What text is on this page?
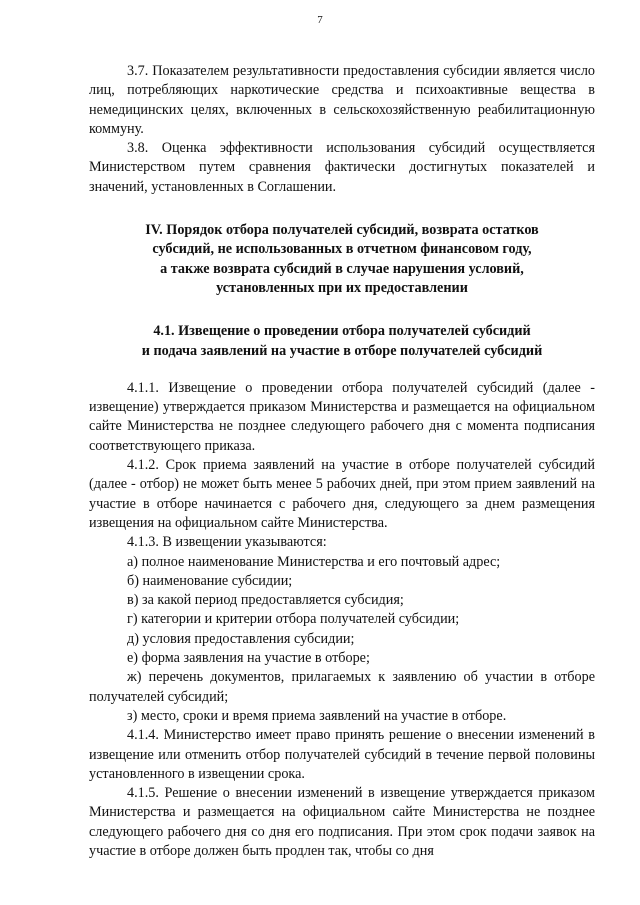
7

3.7. Показателем результативности предоставления субсидии является число лиц, потребляющих наркотические средства и психоактивные вещества в немедицинских целях, включенных в сельскохозяйственную реабилитационную коммуну.

3.8. Оценка эффективности использования субсидий осуществляется Министерством путем сравнения фактически достигнутых показателей и значений, установленных в Соглашении.

IV. Порядок отбора получателей субсидий, возврата остатков

субсидий, не использованных в отчетном финансовом году,

а также возврата субсидий в случае нарушения условий,

установленных при их предоставлении

4.1. Извещение о проведении отбора получателей субсидий

и подача заявлений на участие в отборе получателей субсидий

4.1.1. Извещение о проведении отбора получателей субсидий (далее - извещение) утверждается приказом Министерства и размещается на официальном сайте Министерства не позднее следующего рабочего дня с момента подписания соответствующего приказа.

4.1.2. Срок приема заявлений на участие в отборе получателей субсидий (далее - отбор) не может быть менее 5 рабочих дней, при этом прием заявлений на участие в отборе начинается с рабочего дня, следующего за днем размещения извещения на официальном сайте Министерства.

4.1.3. В извещении указываются:

а) полное наименование Министерства и его почтовый адрес;

б) наименование субсидии;

в) за какой период предоставляется субсидия;

г) категории и критерии отбора получателей субсидии;

д) условия предоставления субсидии;

е) форма заявления на участие в отборе;

ж) перечень документов, прилагаемых к заявлению об участии в отборе получателей субсидий;

з) место, сроки и время приема заявлений на участие в отборе.

4.1.4. Министерство имеет право принять решение о внесении изменений в извещение или отменить отбор получателей субсидий в течение первой половины установленного в извещении срока.

4.1.5. Решение о внесении изменений в извещение утверждается приказом Министерства и размещается на официальном сайте Министерства не позднее следующего рабочего дня со дня его подписания. При этом срок подачи заявок на участие в отборе должен быть продлен так, чтобы со дня
